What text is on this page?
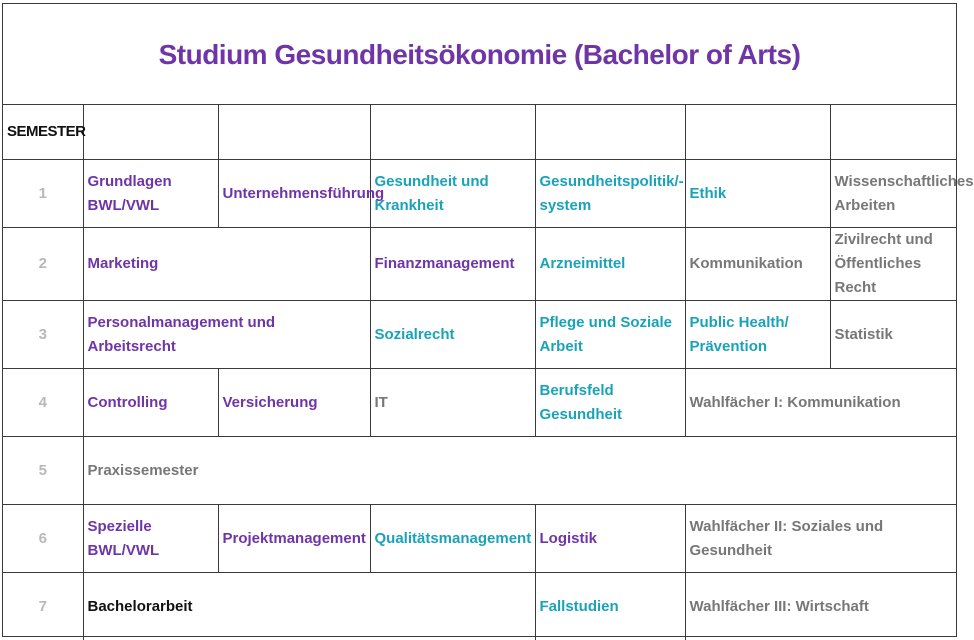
Studium Gesundheitsökonomie (Bachelor of Arts)
SEMESTER						
1	Grundlagen BWL/VWL	Unternehmensführung	Gesundheit und Krankheit	Gesundheitspolitik/-system	Ethik	Wissenschaftliches Arbeiten
2	Marketing		Finanzmanagement	Arzneimittel	Kommunikation	Zivilrecht und Öffentliches Recht
3	Personalmanagement und Arbeitsrecht		Sozialrecht	Pflege und Soziale Arbeit	Public Health/ Prävention	Statistik
4	Controlling	Versicherung	IT	Berufsfeld Gesundheit	Wahlfächer I: Kommunikation	
5	Praxissemester					
6	Spezielle BWL/VWL	Projektmanagement	Qualitätsmanagement	Logistik	Wahlfächer II: Soziales und Gesundheit	
7	Bachelorarbeit			Fallstudien	Wahlfächer III: Wirtschaft	
